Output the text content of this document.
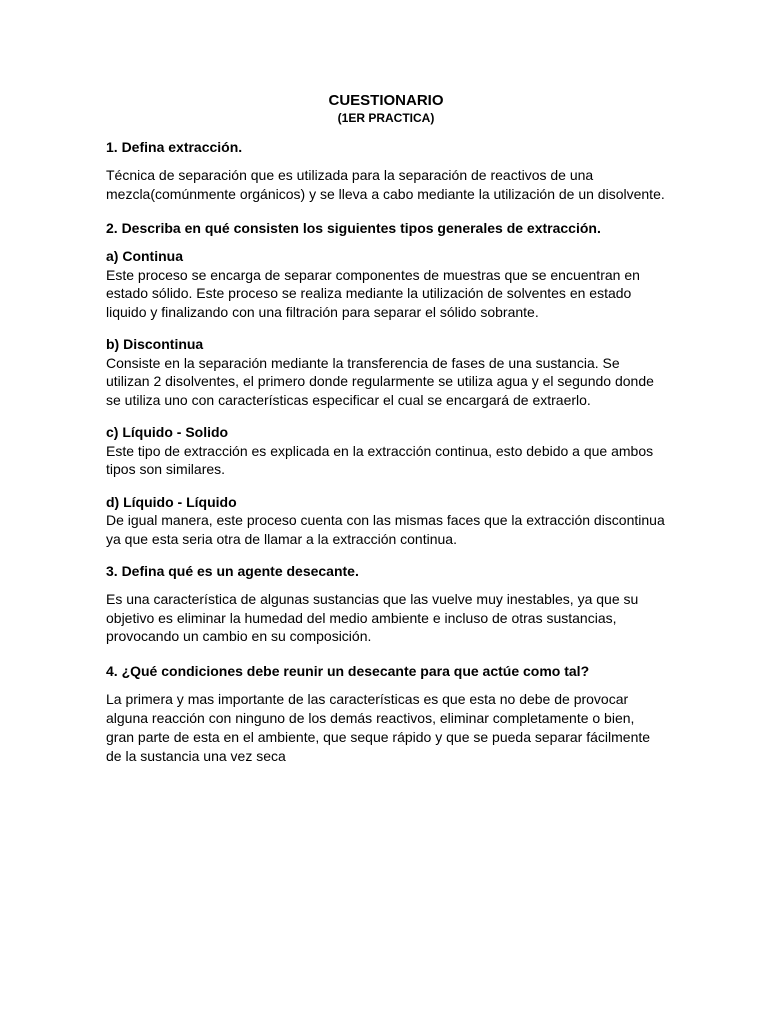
CUESTIONARIO
(1ER PRACTICA)
1. Defina extracción.

Técnica de separación que es utilizada para la separación de reactivos de una mezcla(comúnmente orgánicos) y se lleva a cabo mediante la utilización de un disolvente.

2. Describa en qué consisten los siguientes tipos generales de extracción.
a) Continua

Este proceso se encarga de separar componentes de muestras que se encuentran en estado sólido. Este proceso se realiza mediante la utilización de solventes en estado liquido y finalizando con una filtración para separar el sólido sobrante.

b) Discontinua

Consiste en la separación mediante la transferencia de fases de una sustancia. Se utilizan 2 disolventes, el primero donde regularmente se utiliza agua y el segundo donde se utiliza uno con características especificar el cual se encargará de extraerlo.

c) Líquido - Solido

Este tipo de extracción es explicada en la extracción continua, esto debido a que ambos tipos son similares.

d) Líquido - Líquido

De igual manera, este proceso cuenta con las mismas faces que la extracción discontinua ya que esta seria otra de llamar a la extracción continua.

3. Defina qué es un agente desecante.

Es una característica de algunas sustancias que las vuelve muy inestables, ya que su objetivo es eliminar la humedad del medio ambiente e incluso de otras sustancias, provocando un cambio en su composición.

4. ¿Qué condiciones debe reunir un desecante para que actúe como tal?

La primera y mas importante de las características es que esta no debe de provocar alguna reacción con ninguno de los demás reactivos, eliminar completamente o bien, gran parte de esta en el ambiente, que seque rápido y que se pueda separar fácilmente de la sustancia una vez seca
